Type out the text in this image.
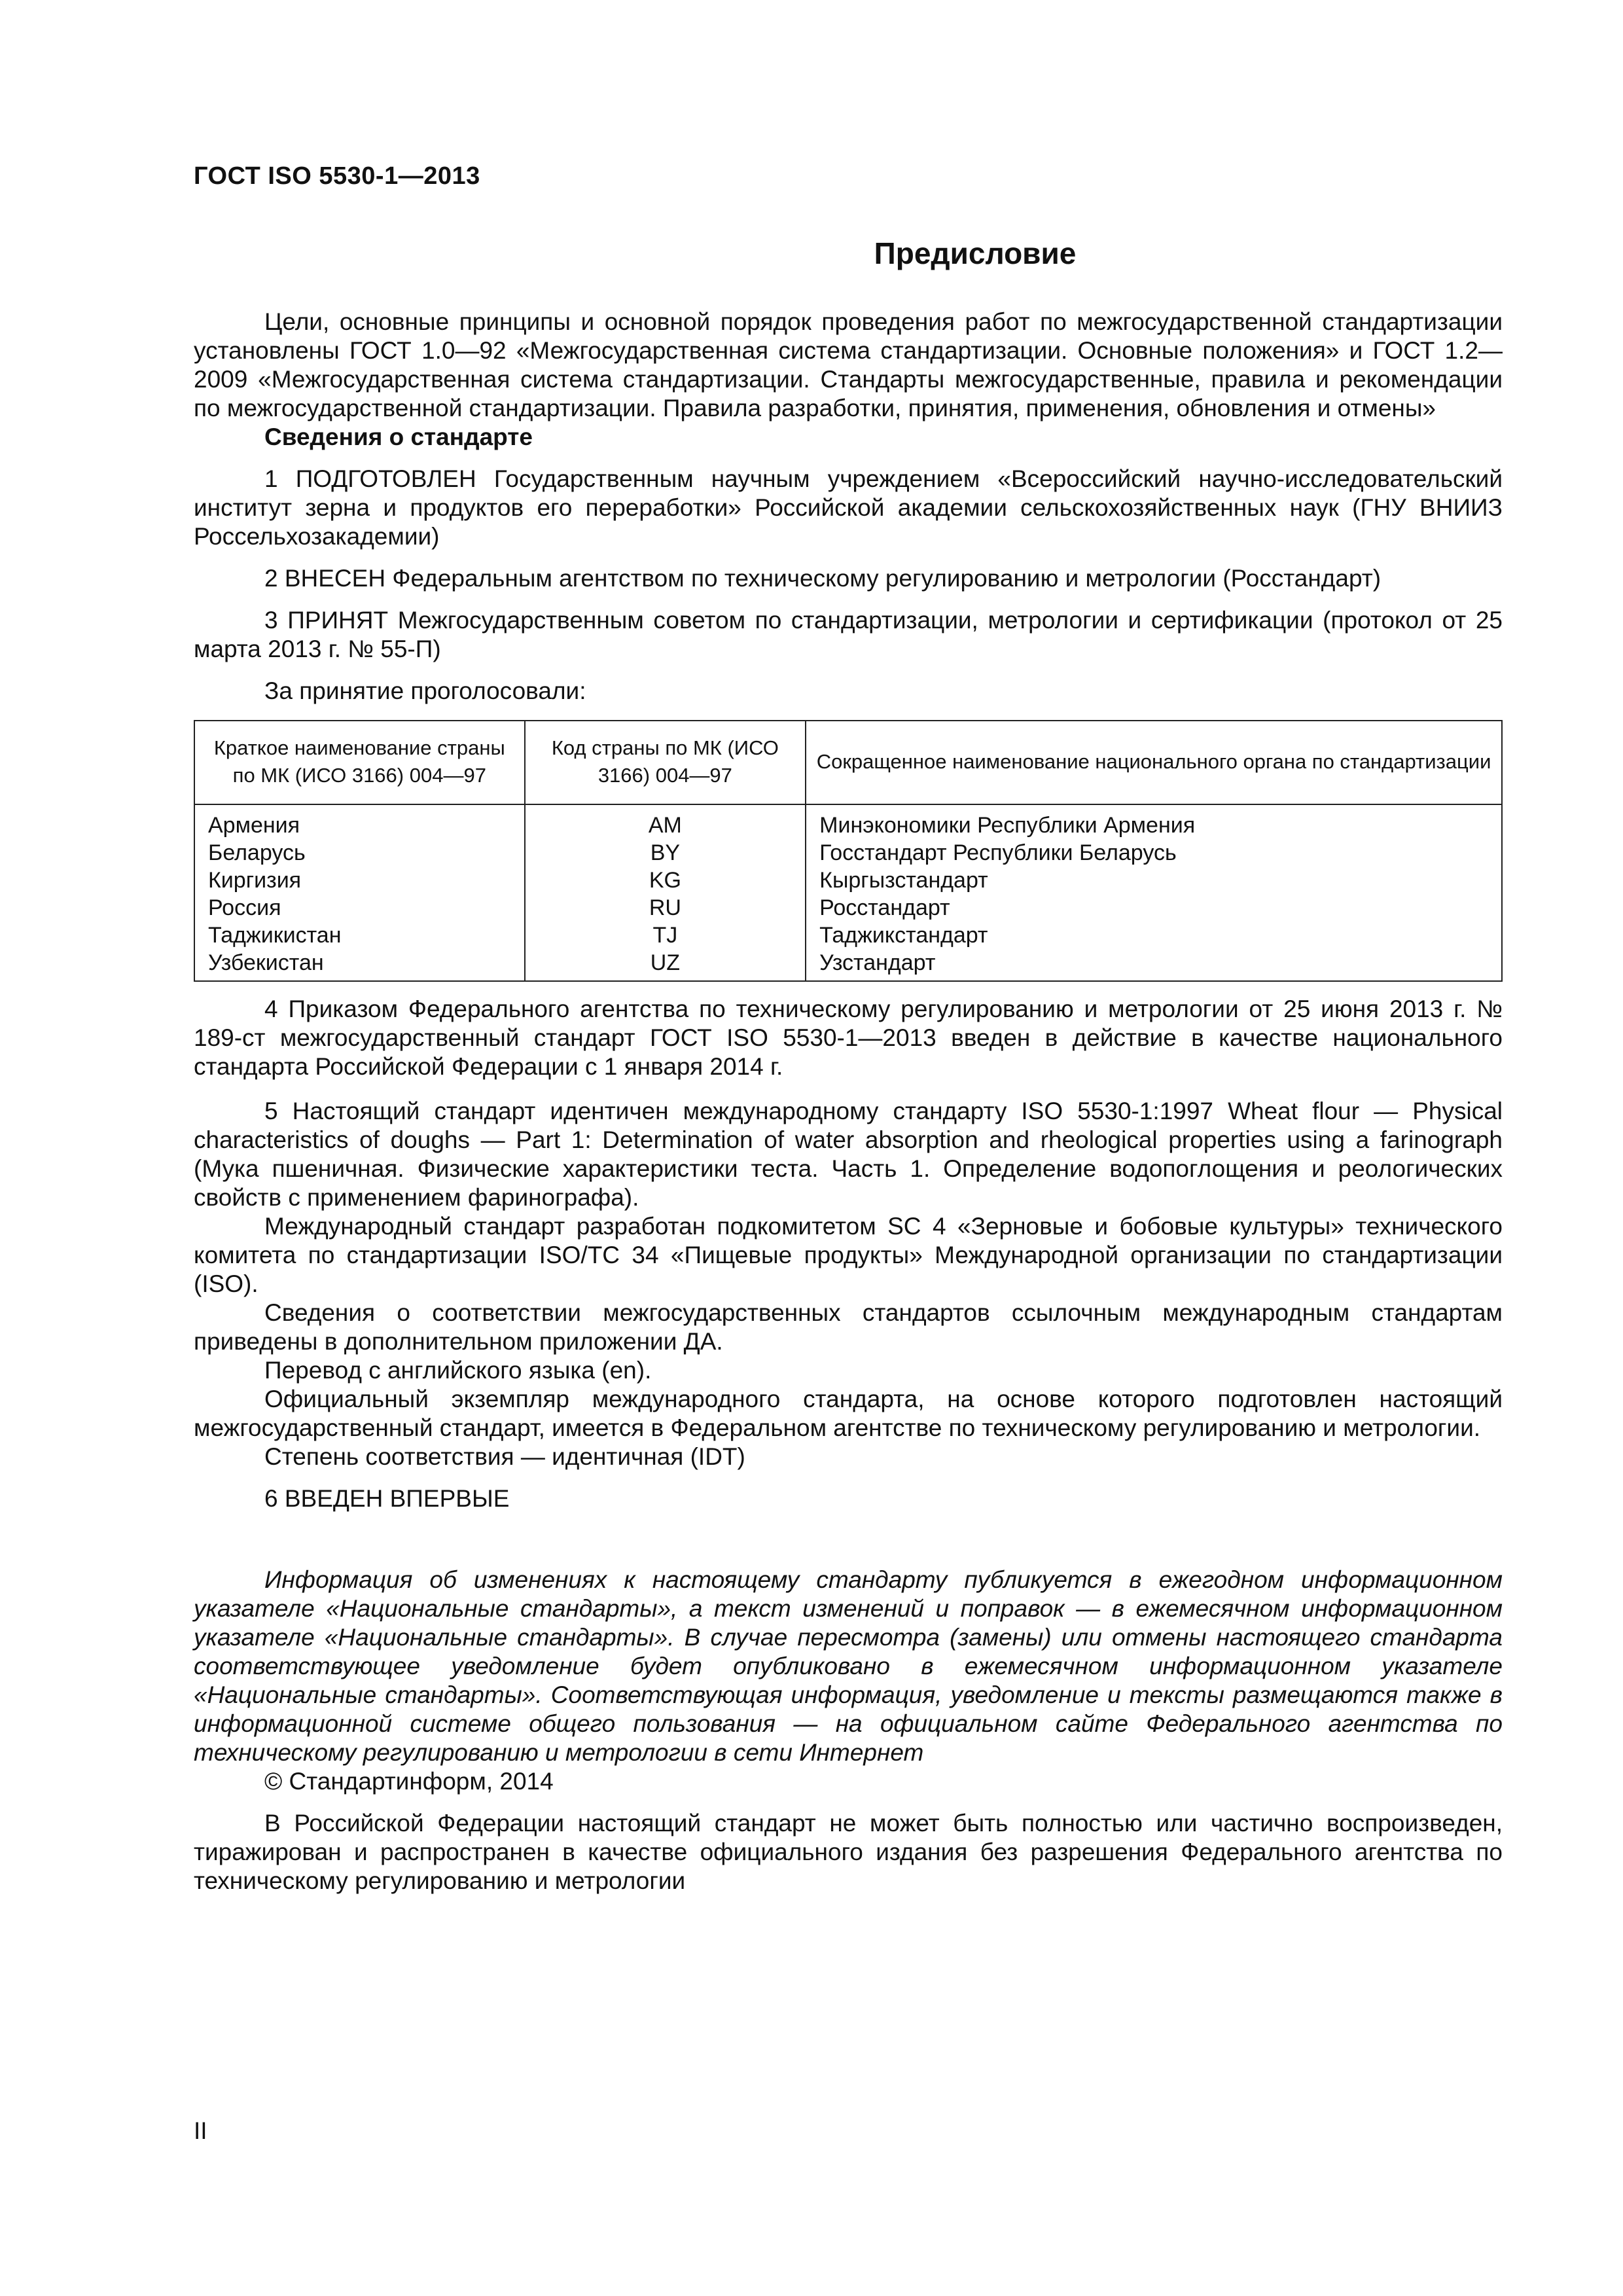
ГОСТ ISO 5530-1—2013
Предисловие

Цели, основные принципы и основной порядок проведения работ по межгосударственной стандартизации установлены ГОСТ 1.0—92 «Межгосударственная система стандартизации. Основные положения» и ГОСТ 1.2—2009 «Межгосударственная система стандартизации. Стандарты межгосударственные, правила и рекомендации по межгосударственной стандартизации. Правила разработки, принятия, применения, обновления и отмены»

Сведения о стандарте

1 ПОДГОТОВЛЕН Государственным научным учреждением «Всероссийский научно-исследовательский институт зерна и продуктов его переработки» Российской академии сельскохозяйственных наук (ГНУ ВНИИЗ Россельхозакадемии)

2 ВНЕСЕН Федеральным агентством по техническому регулированию и метрологии (Росстандарт)

3 ПРИНЯТ Межгосударственным советом по стандартизации, метрологии и сертификации (протокол от 25 марта 2013 г. № 55-П)

За принятие проголосовали:

Краткое наименование страны по МК (ИСО 3166) 004—97	Код страны по МК (ИСО 3166) 004—97	Сокращенное наименование национального органа по стандартизации
Армения	AM	Минэкономики Республики Армения
Беларусь	BY	Госстандарт Республики Беларусь
Киргизия	KG	Кыргызстандарт
Россия	RU	Росстандарт
Таджикистан	TJ	Таджикстандарт
Узбекистан	UZ	Узстандарт

4 Приказом Федерального агентства по техническому регулированию и метрологии от 25 июня 2013 г. № 189-ст межгосударственный стандарт ГОСТ ISO 5530-1—2013 введен в действие в качестве национального стандарта Российской Федерации с 1 января 2014 г.

5 Настоящий стандарт идентичен международному стандарту ISO 5530-1:1997 Wheat flour — Physical characteristics of doughs — Part 1: Determination of water absorption and rheological properties using a farinograph (Мука пшеничная. Физические характеристики теста. Часть 1. Определение водопоглощения и реологических свойств с применением фаринографа).

Международный стандарт разработан подкомитетом SC 4 «Зерновые и бобовые культуры» технического комитета по стандартизации ISO/TC 34 «Пищевые продукты» Международной организации по стандартизации (ISO).

Сведения о соответствии межгосударственных стандартов ссылочным международным стандартам приведены в дополнительном приложении ДА.

Перевод с английского языка (en).

Официальный экземпляр международного стандарта, на основе которого подготовлен настоящий межгосударственный стандарт, имеется в Федеральном агентстве по техническому регулированию и метрологии.

Степень соответствия — идентичная (IDT)

6 ВВЕДЕН ВПЕРВЫЕ

Информация об изменениях к настоящему стандарту публикуется в ежегодном информационном указателе «Национальные стандарты», а текст изменений и поправок — в ежемесячном информационном указателе «Национальные стандарты». В случае пересмотра (замены) или отмены настоящего стандарта соответствующее уведомление будет опубликовано в ежемесячном информационном указателе «Национальные стандарты». Соответствующая информация, уведомление и тексты размещаются также в информационной системе общего пользования — на официальном сайте Федерального агентства по техническому регулированию и метрологии в сети Интернет

© Стандартинформ, 2014

В Российской Федерации настоящий стандарт не может быть полностью или частично воспроизведен, тиражирован и распространен в качестве официального издания без разрешения Федерального агентства по техническому регулированию и метрологии

II
